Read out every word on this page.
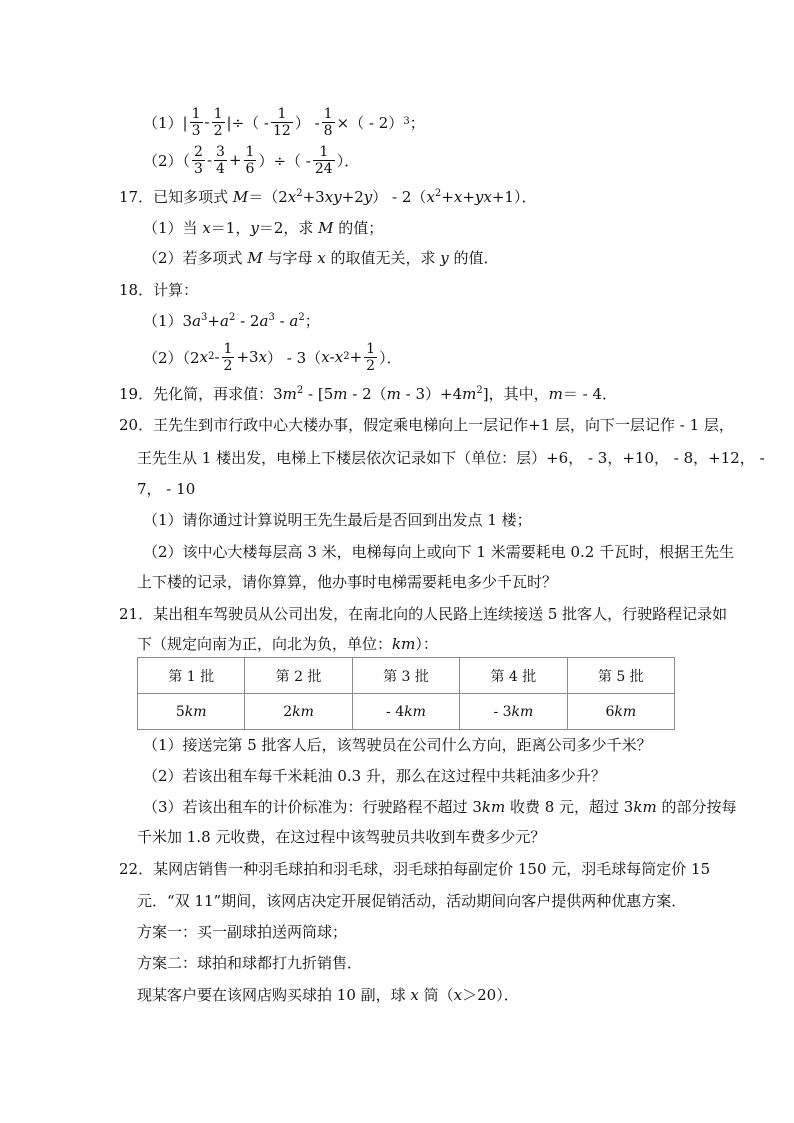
$(1)| \frac{1}{3} - \frac{1}{2}$ |÷（ - $\frac{1}{12}$ ） - $\frac{1}{8}$ ×（ - 2） 3 ；
$(2)( \frac{2}{3} - \frac{3}{4} + \frac{1}{6}$ ）÷（ - $\frac{1}{24}$ ）．
17．已知多项式 $M=(2x^2+3xy+2y) - 2(x^2+x+yx+1)$．
（1）当 x＝1，y＝2，求 M 的值；
（2）若多项式 M 与字母 x 的取值无关，求 y 的值．
18．计算：
$(1)3a^3+a^2 - 2a^3 - a^2$；
（2）（2 x $2 - \frac{1}{2} +3$ x ） - 3（ x - x $2 + \frac{1}{2}$ ）．
19．先化简，再求值：$3m^2 - [5m - 2(m - 3)+4m^2]$，其中，m＝ - 4．
20．王先生到市行政中心大楼办事，假定乘电梯向上一层记作+1 层，向下一层记作 - 1 层，
王先生从 1 楼出发，电梯上下楼层依次记录如下（单位：层）+6， - 3，+10， - 8，+12， -
7， - 10
（1）请你通过计算说明王先生最后是否回到出发点 1 楼；
（2）该中心大楼每层高 3 米，电梯每向上或向下 1 米需要耗电 0.2 千瓦时，根据王先生
上下楼的记录，请你算算，他办事时电梯需要耗电多少千瓦时？
21．某出租车驾驶员从公司出发，在南北向的人民路上连续接送 5 批客人，行驶路程记录如
下（规定向南为正，向北为负，单位：km）：
第 1 批	第 2 批	第 3 批	第 4 批	第 5 批
5km	2km	- 4km	- 3km	6km
（1）接送完第 5 批客人后，该驾驶员在公司什么方向，距离公司多少千米？
（2）若该出租车每千米耗油 0.3 升，那么在这过程中共耗油多少升？
（3）若该出租车的计价标准为：行驶路程不超过 3km 收费 8 元，超过 3km 的部分按每
千米加 1.8 元收费，在这过程中该驾驶员共收到车费多少元？
22．某网店销售一种羽毛球拍和羽毛球，羽毛球拍每副定价 150 元，羽毛球每筒定价 15
元．“双 11”期间，该网店决定开展促销活动，活动期间向客户提供两种优惠方案．
方案一：买一副球拍送两筒球；
方案二：球拍和球都打九折销售．
现某客户要在该网店购买球拍 10 副，球 x 筒（x＞20）．
